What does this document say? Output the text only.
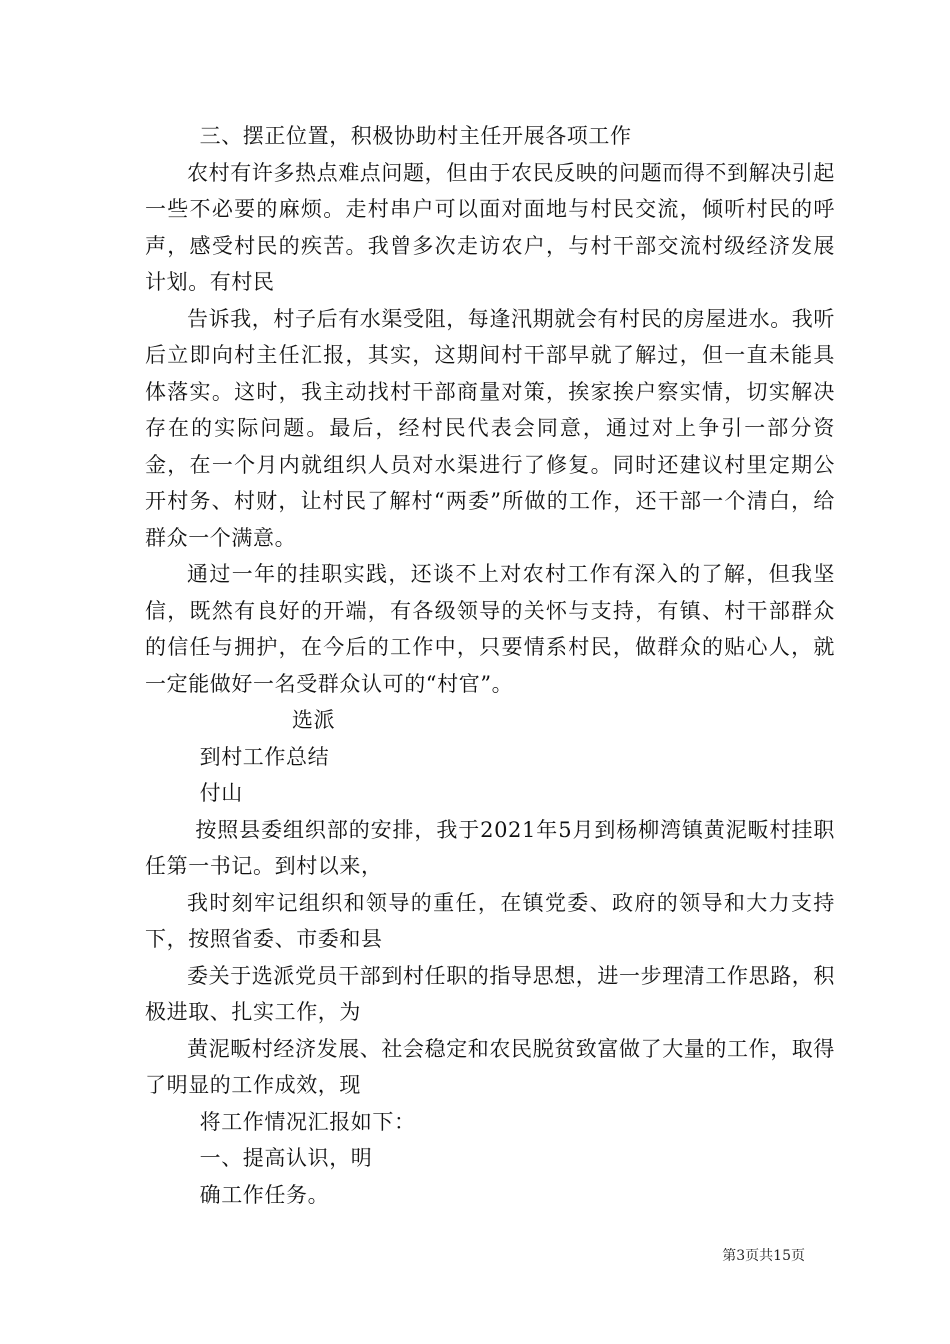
三、摆正位置，积极协助村主任开展各项工作

农村有许多热点难点问题，但由于农民反映的问题而得不到解决引起一些不必要的麻烦。走村串户可以面对面地与村民交流，倾听村民的呼声，感受村民的疾苦。我曾多次走访农户，与村干部交流村级经济发展计划。有村民

告诉我，村子后有水渠受阻，每逢汛期就会有村民的房屋进水。我听后立即向村主任汇报，其实，这期间村干部早就了解过，但一直未能具体落实。这时，我主动找村干部商量对策，挨家挨户察实情，切实解决存在的实际问题。最后，经村民代表会同意，通过对上争引一部分资金，在一个月内就组织人员对水渠进行了修复。同时还建议村里定期公开村务、村财，让村民了解村“两委”所做的工作，还干部一个清白，给群众一个满意。

通过一年的挂职实践，还谈不上对农村工作有深入的了解，但我坚信，既然有良好的开端，有各级领导的关怀与支持，有镇、村干部群众的信任与拥护，在今后的工作中，只要情系村民，做群众的贴心人，就一定能做好一名受群众认可的“村官”。

选派

到村工作总结

付山

按照县委组织部的安排，我于2021年5月到杨柳湾镇黄泥畈村挂职任第一书记。到村以来，

我时刻牢记组织和领导的重任，在镇党委、政府的领导和大力支持下，按照省委、市委和县

委关于选派党员干部到村任职的指导思想，进一步理清工作思路，积极进取、扎实工作，为

黄泥畈村经济发展、社会稳定和农民脱贫致富做了大量的工作，取得了明显的工作成效，现

将工作情况汇报如下：

一、提高认识，明

确工作任务。

第3页共15页
